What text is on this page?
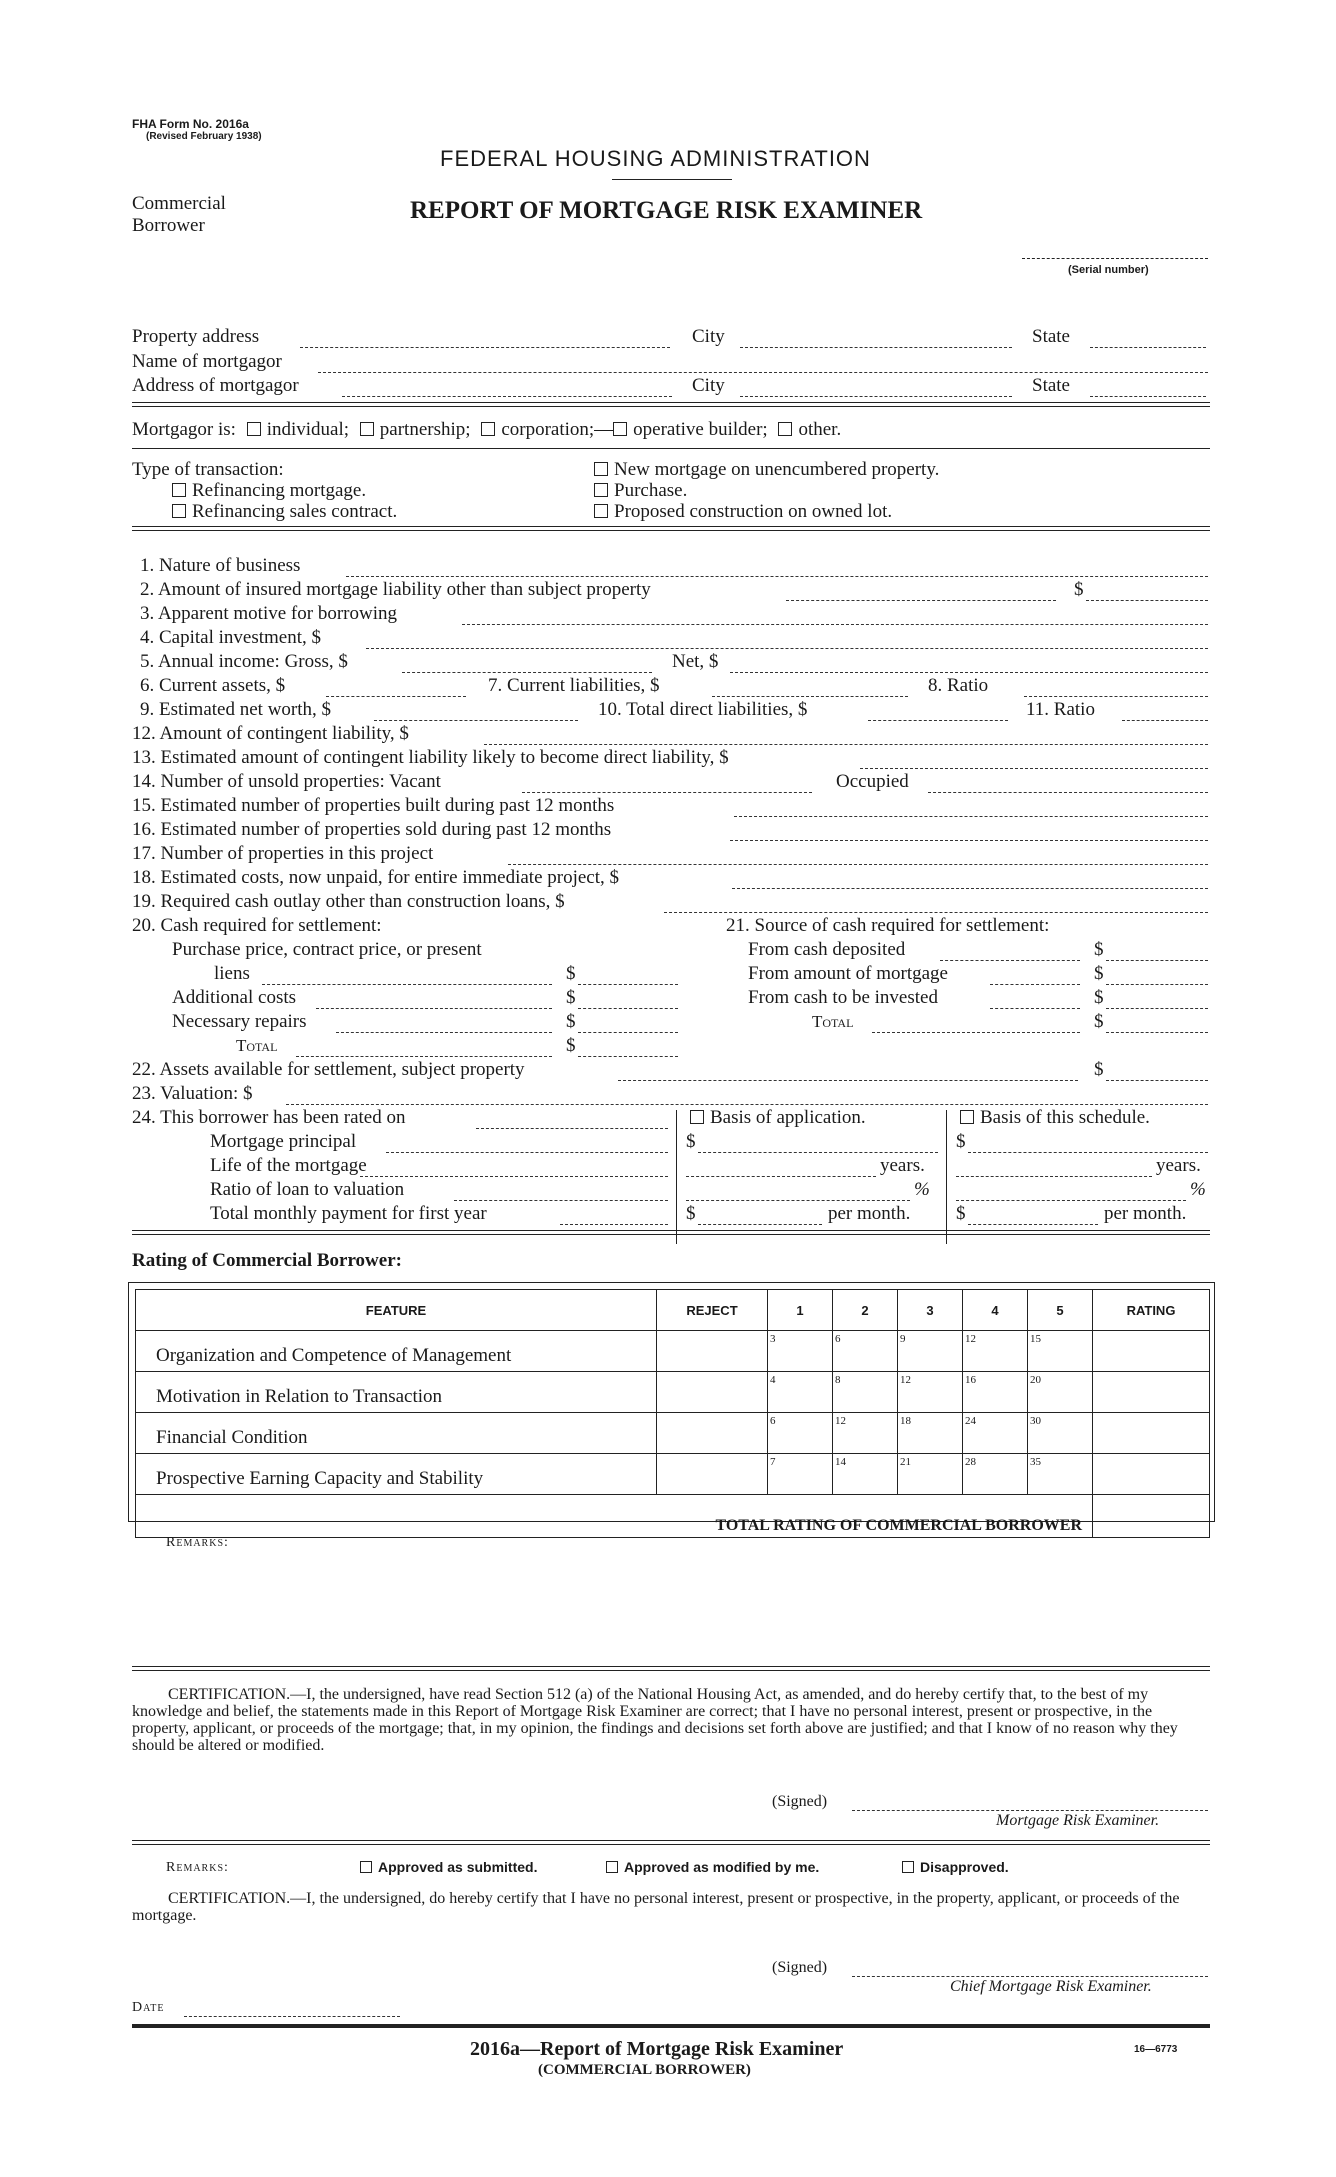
FHA Form No. 2016a
(Revised February 1938)
Commercial
Borrower
FEDERAL HOUSING ADMINISTRATION
REPORT OF MORTGAGE RISK EXAMINER
(Serial number)
Property address	City	State
Name of mortgagor
Address of mortgagor	City	State
Mortgagor is: individual; partnership; corporation;— operative builder; other.
Type of transaction:
Refinancing mortgage.
Refinancing sales contract.
New mortgage on unencumbered property.
Purchase.
Proposed construction on owned lot.
1. Nature of business
2. Amount of insured mortgage liability other than subject property	$
3. Apparent motive for borrowing
4. Capital investment, $
5. Annual income: Gross, $	Net, $
6. Current assets, $	7. Current liabilities, $	8. Ratio
9. Estimated net worth, $	10. Total direct liabilities, $	11. Ratio
12. Amount of contingent liability, $
13. Estimated amount of contingent liability likely to become direct liability, $
14. Number of unsold properties: Vacant	Occupied
15. Estimated number of properties built during past 12 months
16. Estimated number of properties sold during past 12 months
17. Number of properties in this project
18. Estimated costs, now unpaid, for entire immediate project, $
19. Required cash outlay other than construction loans, $
20. Cash required for settlement:
Purchase price, contract price, or present
liens	$
Additional costs	$
Necessary repairs	$
Total	$
21. Source of cash required for settlement:
From cash deposited	$
From amount of mortgage	$
From cash to be invested	$
Total	$
22. Assets available for settlement, subject property	$
23. Valuation: $
24. This borrower has been rated on	Basis of application.	Basis of this schedule.
Mortgage principal	$	$
Life of the mortgage	years.	years.
Ratio of loan to valuation	%	%
Total monthly payment for first year	$	per month. $	per month.
Rating of Commercial Borrower:
FEATURE	REJECT	1	2	3	4	5	RATING
Organization and Competence of Management		3	6	9	12	15	
Motivation in Relation to Transaction		4	8	12	16	20	
Financial Condition		6	12	18	24	30	
Prospective Earning Capacity and Stability		7	14	21	28	35	
TOTAL RATING OF COMMERCIAL BORROWER							
Remarks:
CERTIFICATION.—I, the undersigned, have read Section 512 (a) of the National Housing Act, as amended, and do hereby certify that, to the best of my knowledge and belief, the statements made in this Report of Mortgage Risk Examiner are correct; that I have no personal interest, present or prospective, in the property, applicant, or proceeds of the mortgage; that, in my opinion, the findings and decisions set forth above are justified; and that I know of no reason why they should be altered or modified.
(Signed)
Mortgage Risk Examiner.
Remarks:	Approved as submitted.	Approved as modified by me.	Disapproved.
CERTIFICATION.—I, the undersigned, do hereby certify that I have no personal interest, present or prospective, in the property, applicant, or proceeds of the mortgage.
(Signed)
Chief Mortgage Risk Examiner.
Date
2016a—Report of Mortgage Risk Examiner
(COMMERCIAL BORROWER)
16—6773
